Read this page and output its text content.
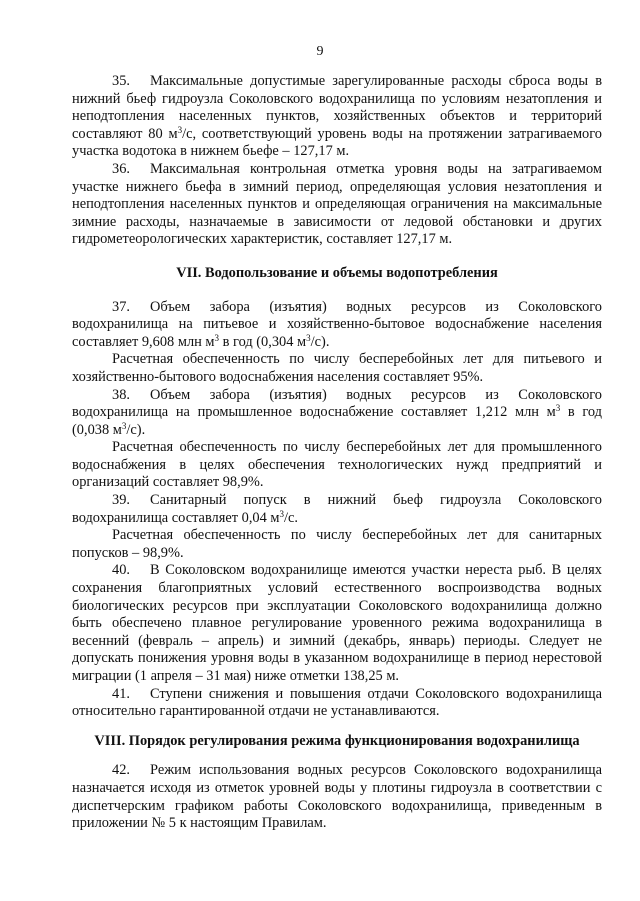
9

35. Максимальные допустимые зарегулированные расходы сброса воды в нижний бьеф гидроузла Соколовского водохранилища по условиям незатопления и неподтопления населенных пунктов, хозяйственных объектов и территорий составляют 80 $м^3/с$, соответствующий уровень воды на протяжении затрагиваемого участка водотока в нижнем бьефе – 127,17 м.

36. Максимальная контрольная отметка уровня воды на затрагиваемом участке нижнего бьефа в зимний период, определяющая условия незатопления и неподтопления населенных пунктов и определяющая ограничения на максимальные зимние расходы, назначаемые в зависимости от ледовой обстановки и других гидрометеорологических характеристик, составляет 127,17 м.

VII. Водопользование и объемы водопотребления

37. Объем забора (изъятия) водных ресурсов из Соколовского водохранилища на питьевое и хозяйственно-бытовое водоснабжение населения составляет 9,608 млн $м^3$ в год (0,304 $м^3/с$).

Расчетная обеспеченность по числу бесперебойных лет для питьевого и хозяйственно-бытового водоснабжения населения составляет 95%.

38. Объем забора (изъятия) водных ресурсов из Соколовского водохранилища на промышленное водоснабжение составляет 1,212 млн $м^3$ в год (0,038 $м^3/с$).

Расчетная обеспеченность по числу бесперебойных лет для промышленного водоснабжения в целях обеспечения технологических нужд предприятий и организаций составляет 98,9%.

39. Санитарный попуск в нижний бьеф гидроузла Соколовского водохранилища составляет 0,04 $м^3/с$.

Расчетная обеспеченность по числу бесперебойных лет для санитарных попусков – 98,9%.

40. В Соколовском водохранилище имеются участки нереста рыб. В целях сохранения благоприятных условий естественного воспроизводства водных биологических ресурсов при эксплуатации Соколовского водохранилища должно быть обеспечено плавное регулирование уровенного режима водохранилища в весенний (февраль – апрель) и зимний (декабрь, январь) периоды. Следует не допускать понижения уровня воды в указанном водохранилище в период нерестовой миграции (1 апреля – 31 мая) ниже отметки 138,25 м.

41. Ступени снижения и повышения отдачи Соколовского водохранилища относительно гарантированной отдачи не устанавливаются.

VIII. Порядок регулирования режима функционирования водохранилища

42. Режим использования водных ресурсов Соколовского водохранилища назначается исходя из отметок уровней воды у плотины гидроузла в соответствии с диспетчерским графиком работы Соколовского водохранилища, приведенным в приложении № 5 к настоящим Правилам.
